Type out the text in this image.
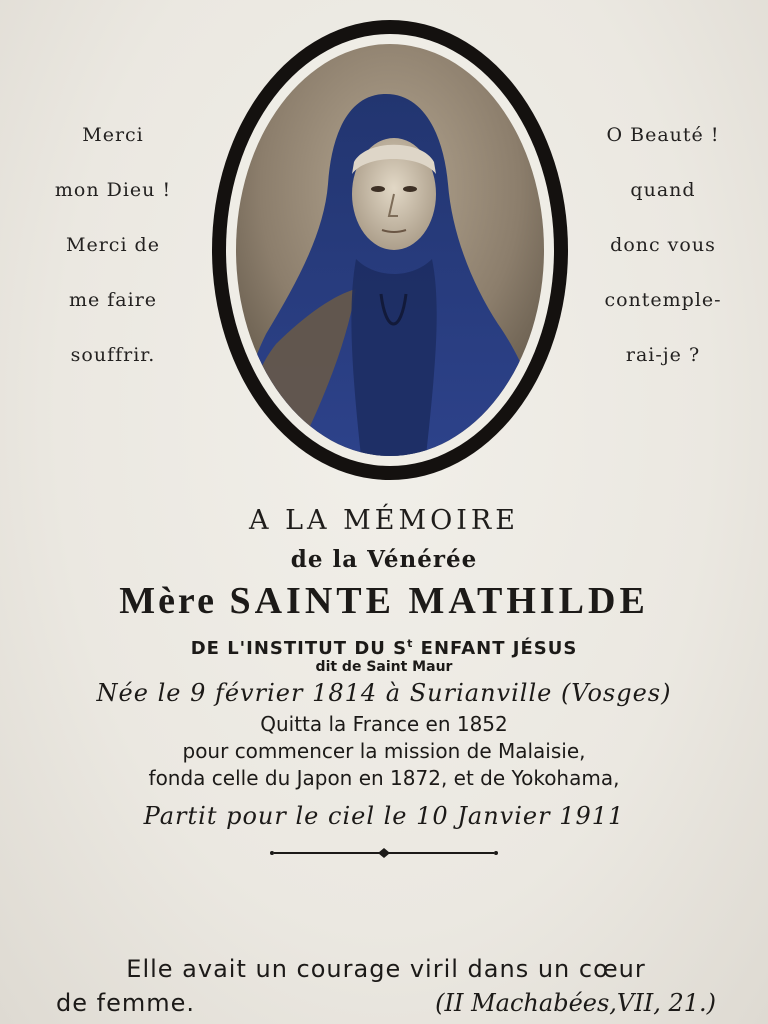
Merci
mon Dieu !
Merci de
me faire
souffrir.
O Beauté !
quand
donc vous
contemple-
rai-je ?
A LA MÉMOIRE
de la Vénérée
Mère SAINTE MATHILDE
DE L'INSTITUT DU $S^t$ ENFANT JÉSUS
dit de Saint Maur
Née le 9 février 1814 à Surianville (Vosges)
Quitta la France en 1852
pour commencer la mission de Malaisie,
fonda celle du Japon en 1872, et de Yokohama,
Partit pour le ciel le 10 Janvier 1911
Elle avait un courage viril dans un cœur
de femme.	(II Machabées,VII, 21.)
